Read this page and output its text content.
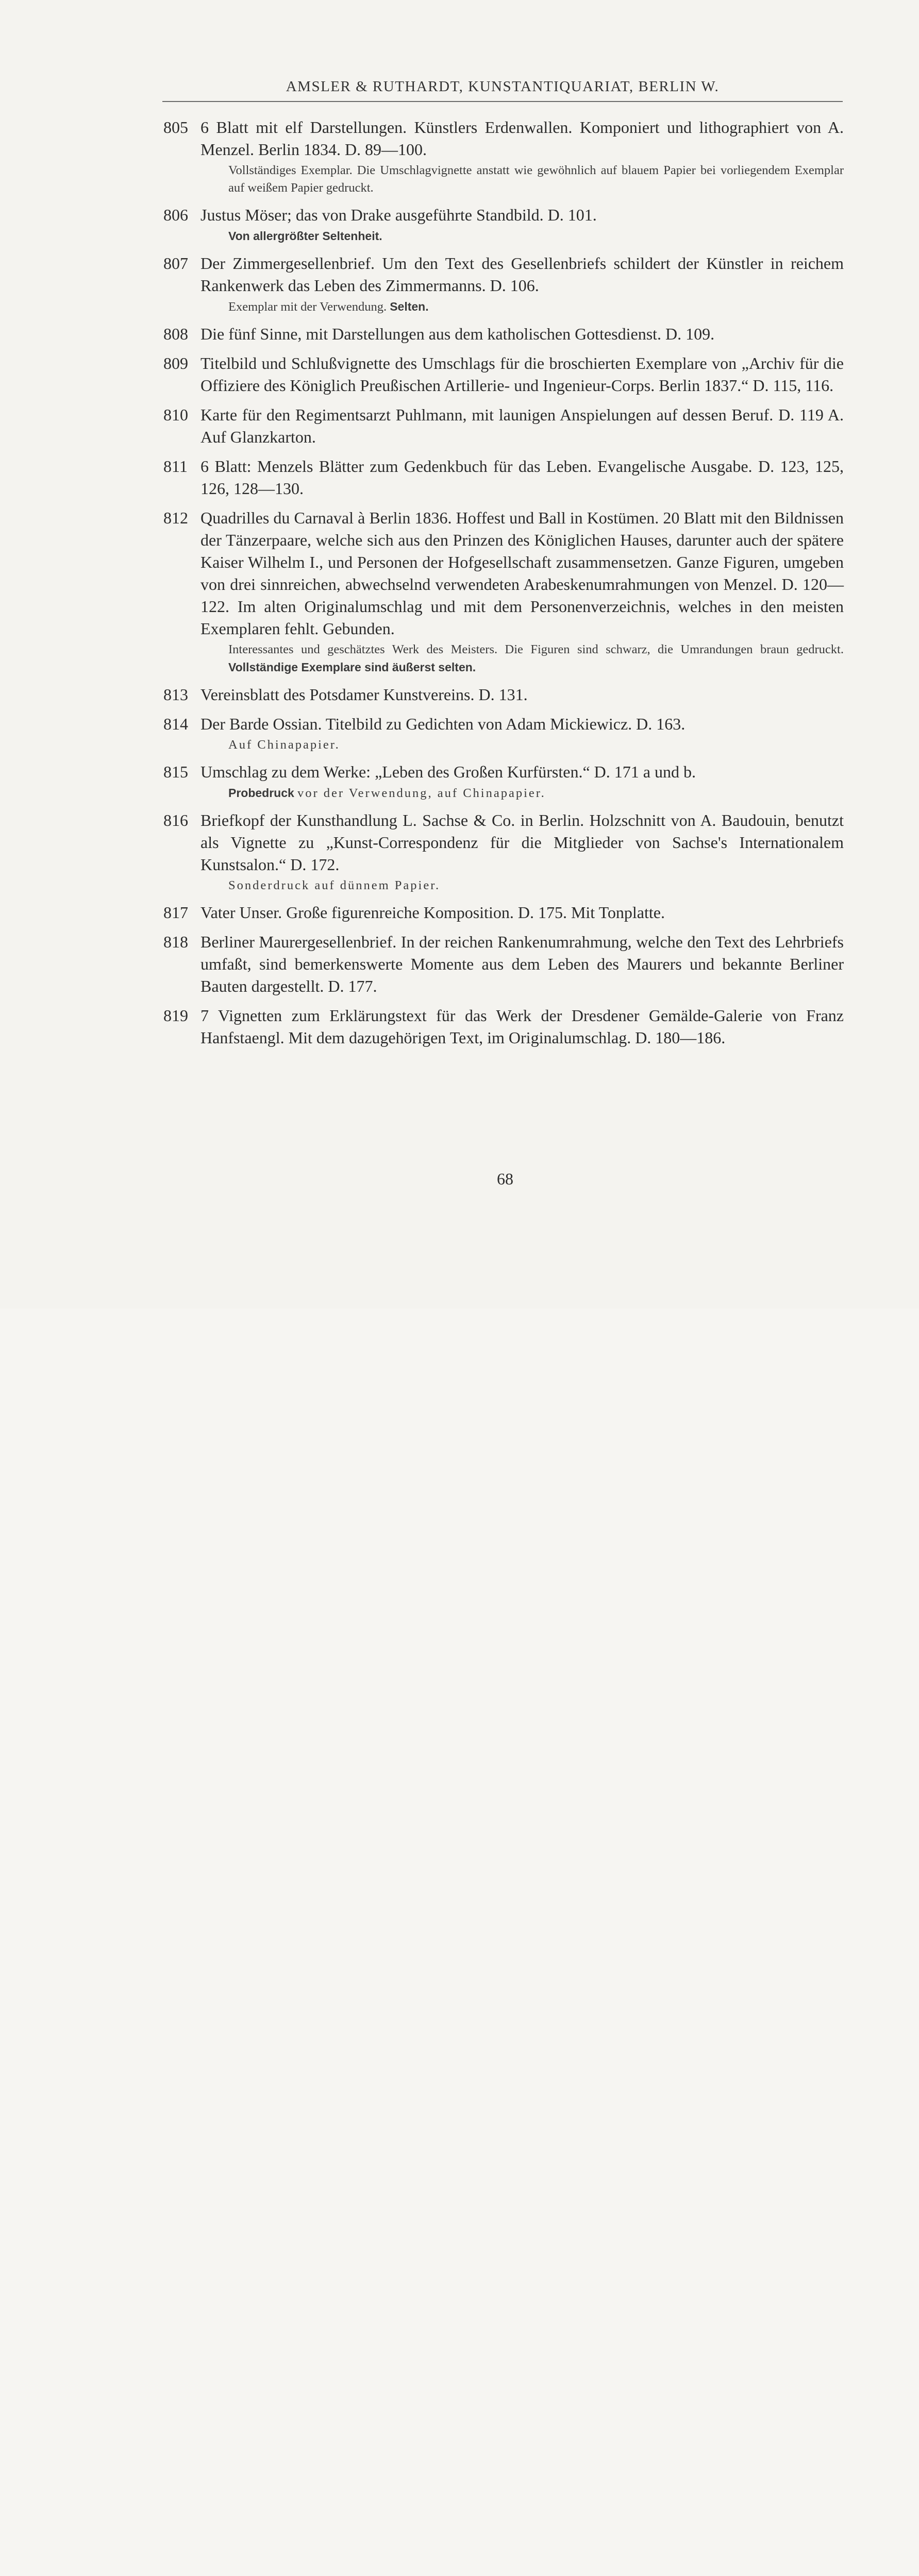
AMSLER & RUTHARDT, KUNSTANTIQUARIAT, BERLIN W.
805 6 Blatt mit elf Darstellungen. Künstlers Erdenwallen. Komponiert und lithographiert von A. Menzel. Berlin 1834. D. 89—100.
Vollständiges Exemplar. Die Umschlagvignette anstatt wie gewöhnlich auf blauem Papier bei vorliegendem Exemplar auf weißem Papier gedruckt.
806 Justus Möser; das von Drake ausgeführte Standbild. D. 101.
Von allergrößter Seltenheit.
807 Der Zimmergesellenbrief. Um den Text des Gesellenbriefs schildert der Künstler in reichem Rankenwerk das Leben des Zimmermanns. D. 106.
Exemplar mit der Verwendung. Selten.
808 Die fünf Sinne, mit Darstellungen aus dem katholischen Gottesdienst. D. 109.
809 Titelbild und Schlußvignette des Umschlags für die broschierten Exemplare von „Archiv für die Offiziere des Königlich Preußischen Artillerie- und Ingenieur-Corps. Berlin 1837.“ D. 115, 116.
810 Karte für den Regimentsarzt Puhlmann, mit launigen Anspielungen auf dessen Beruf. D. 119 A. Auf Glanzkarton.
811 6 Blatt: Menzels Blätter zum Gedenkbuch für das Leben. Evangelische Ausgabe. D. 123, 125, 126, 128—130.
812 Quadrilles du Carnaval à Berlin 1836. Hoffest und Ball in Kostümen. 20 Blatt mit den Bildnissen der Tänzerpaare, welche sich aus den Prinzen des Königlichen Hauses, darunter auch der spätere Kaiser Wilhelm I., und Personen der Hofgesellschaft zusammensetzen. Ganze Figuren, umgeben von drei sinnreichen, abwechselnd verwendeten Arabeskenumrahmungen von Menzel. D. 120—122. Im alten Originalumschlag und mit dem Personenverzeichnis, welches in den meisten Exemplaren fehlt. Gebunden.
Interessantes und geschätztes Werk des Meisters. Die Figuren sind schwarz, die Umrandungen braun gedruckt. Vollständige Exemplare sind äußerst selten.
813 Vereinsblatt des Potsdamer Kunstvereins. D. 131.
814 Der Barde Ossian. Titelbild zu Gedichten von Adam Mickiewicz. D. 163.
Auf Chinapapier.
815 Umschlag zu dem Werke: „Leben des Großen Kurfürsten.“ D. 171 a und b.
Probedruck vor der Verwendung, auf Chinapapier.
816 Briefkopf der Kunsthandlung L. Sachse & Co. in Berlin. Holzschnitt von A. Baudouin, benutzt als Vignette zu „Kunst-Correspondenz für die Mitglieder von Sachse's Internationalem Kunstsalon.“ D. 172.
Sonderdruck auf dünnem Papier.
817 Vater Unser. Große figurenreiche Komposition. D. 175. Mit Tonplatte.
818 Berliner Maurergesellenbrief. In der reichen Rankenumrahmung, welche den Text des Lehrbriefs umfaßt, sind bemerkenswerte Momente aus dem Leben des Maurers und bekannte Berliner Bauten dargestellt. D. 177.
819 7 Vignetten zum Erklärungstext für das Werk der Dresdener Gemälde-Galerie von Franz Hanfstaengl. Mit dem dazugehörigen Text, im Originalumschlag. D. 180—186.
68
